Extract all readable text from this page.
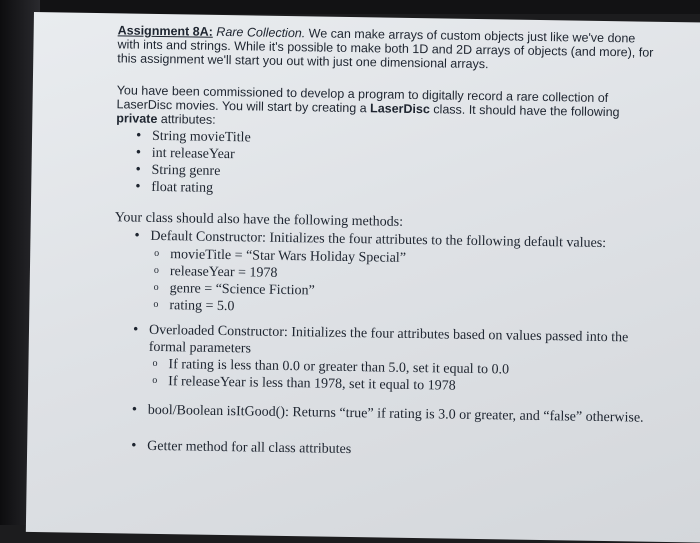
Assignment 8A: Rare Collection. We can make arrays of custom objects just like we've done with ints and strings. While it's possible to make both 1D and 2D arrays of objects (and more), for this assignment we'll start you out with just one dimensional arrays.

You have been commissioned to develop a program to digitally record a rare collection of LaserDisc movies. You will start by creating a LaserDisc class. It should have the following private attributes:

• String movieTitle
• int releaseYear
• String genre
• float rating

Your class should also have the following methods:

• Default Constructor: Initializes the four attributes to the following default values:
o movieTitle = “Star Wars Holiday Special”
o releaseYear = 1978
o genre = “Science Fiction”
o rating = 5.0
• Overloaded Constructor: Initializes the four attributes based on values passed into the formal parameters
o If rating is less than 0.0 or greater than 5.0, set it equal to 0.0
o If releaseYear is less than 1978, set it equal to 1978
• bool/Boolean isItGood(): Returns “true” if rating is 3.0 or greater, and “false” otherwise.
• Getter method for all class attributes
